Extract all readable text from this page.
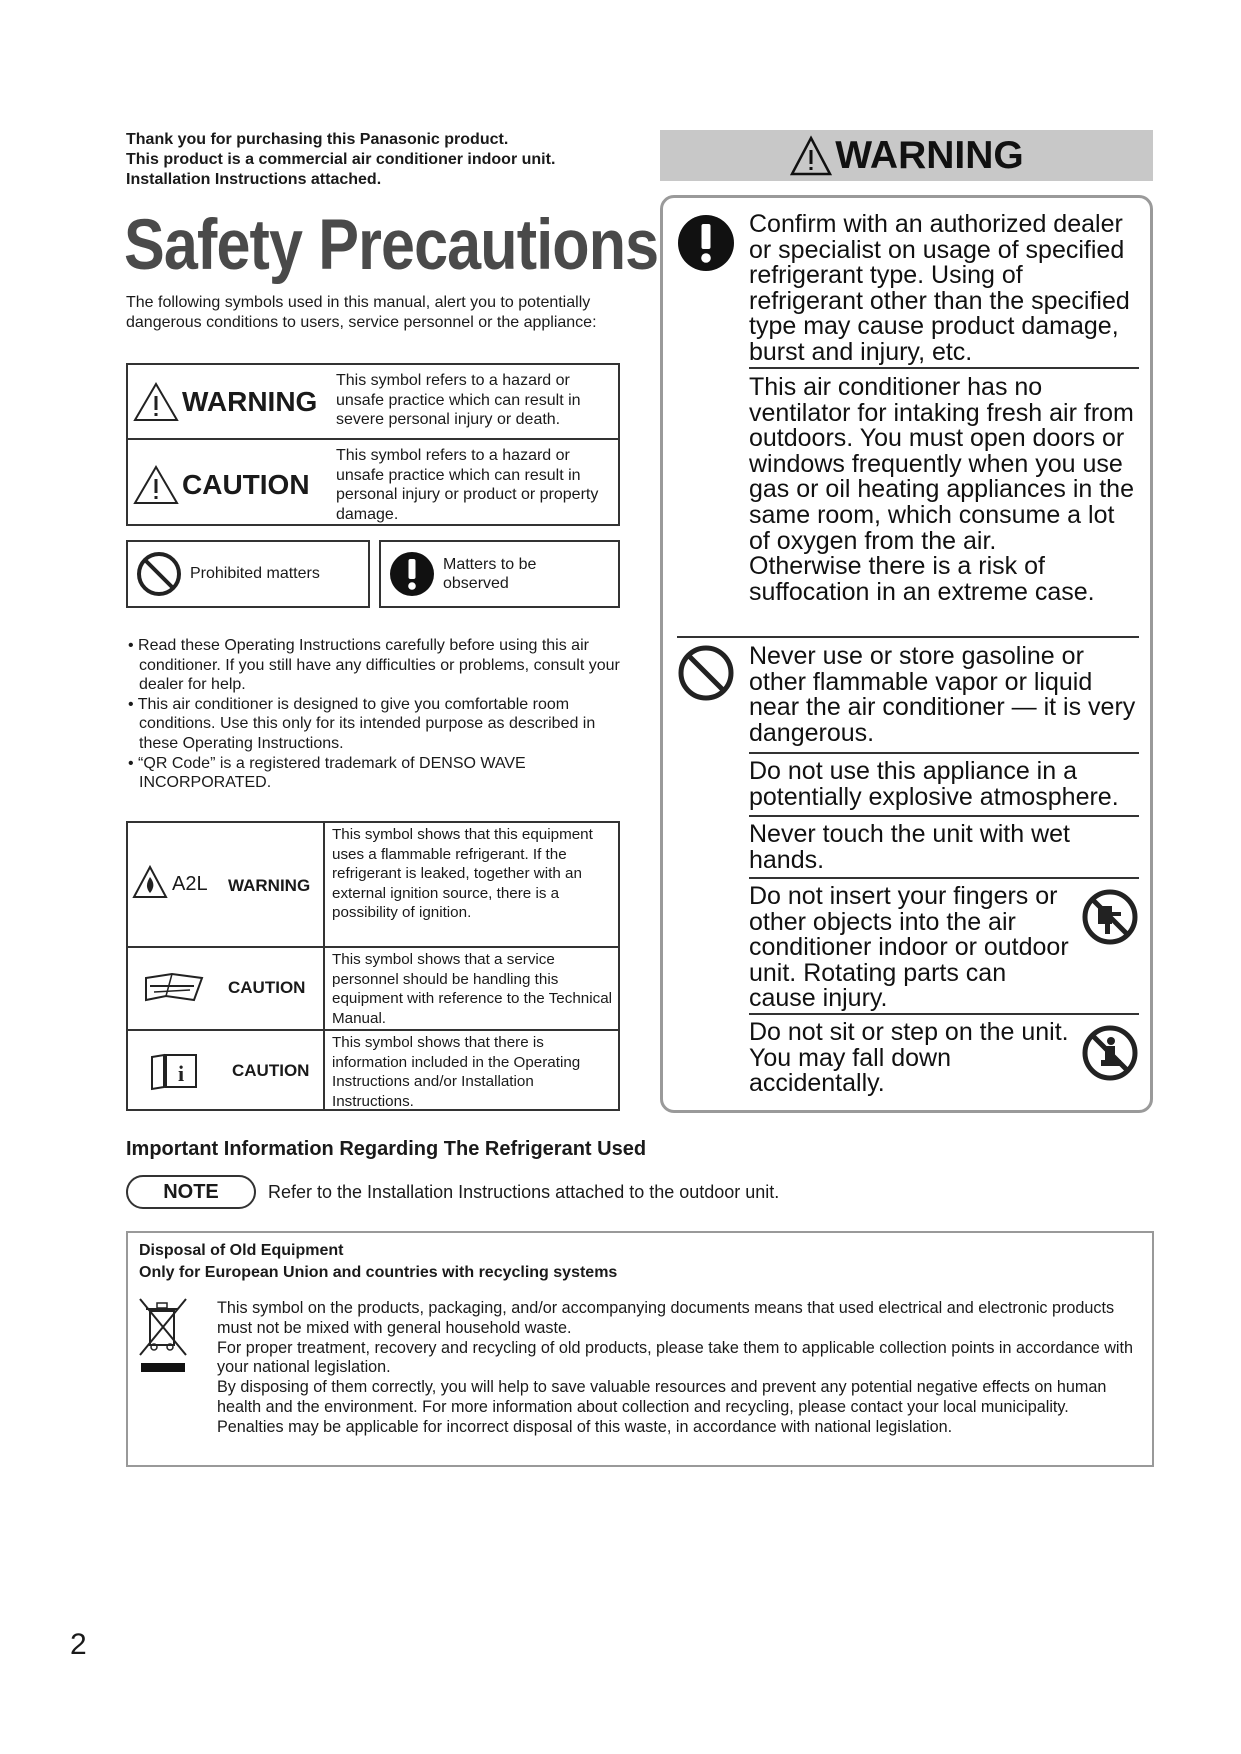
Thank you for purchasing this Panasonic product.
This product is a commercial air conditioner indoor unit.
Installation Instructions attached.
Safety Precautions
The following symbols used in this manual, alert you to potentially dangerous conditions to users, service personnel or the appliance:
WARNING
This symbol refers to a hazard or unsafe practice which can result in severe personal injury or death.
CAUTION
This symbol refers to a hazard or unsafe practice which can result in personal injury or product or property damage.
Prohibited matters
Matters to be observed
• Read these Operating Instructions carefully before using this air conditioner. If you still have any difficulties or problems, consult your dealer for help.
• This air conditioner is designed to give you comfortable room conditions. Use this only for its intended purpose as described in these Operating Instructions.
• “QR Code” is a registered trademark of DENSO WAVE INCORPORATED.
A2L WARNING
This symbol shows that this equipment uses a flammable refrigerant. If the refrigerant is leaked, together with an external ignition source, there is a possibility of ignition.
CAUTION
This symbol shows that a service personnel should be handling this equipment with reference to the Technical Manual.
i	CAUTION
This symbol shows that there is information included in the Operating Instructions and/or Installation Instructions.
Important Information Regarding The Refrigerant Used
NOTE	Refer to the Installation Instructions attached to the outdoor unit.
Disposal of Old Equipment
Only for European Union and countries with recycling systems
This symbol on the products, packaging, and/or accompanying documents means that used electrical and electronic products must not be mixed with general household waste.
For proper treatment, recovery and recycling of old products, please take them to applicable collection points in accordance with your national legislation.
By disposing of them correctly, you will help to save valuable resources and prevent any potential negative effects on human health and the environment. For more information about collection and recycling, please contact your local municipality.
Penalties may be applicable for incorrect disposal of this waste, in accordance with national legislation.
WARNING
Confirm with an authorized dealer or specialist on usage of specified refrigerant type. Using of refrigerant other than the specified type may cause product damage, burst and injury, etc.
This air conditioner has no ventilator for intaking fresh air from outdoors. You must open doors or windows frequently when you use gas or oil heating appliances in the same room, which consume a lot of oxygen from the air.
Otherwise there is a risk of suffocation in an extreme case.
Never use or store gasoline or other flammable vapor or liquid near the air conditioner — it is very dangerous.
Do not use this appliance in a potentially explosive atmosphere.
Never touch the unit with wet hands.
Do not insert your fingers or other objects into the air conditioner indoor or outdoor unit. Rotating parts can cause injury.
Do not sit or step on the unit. You may fall down accidentally.
2
